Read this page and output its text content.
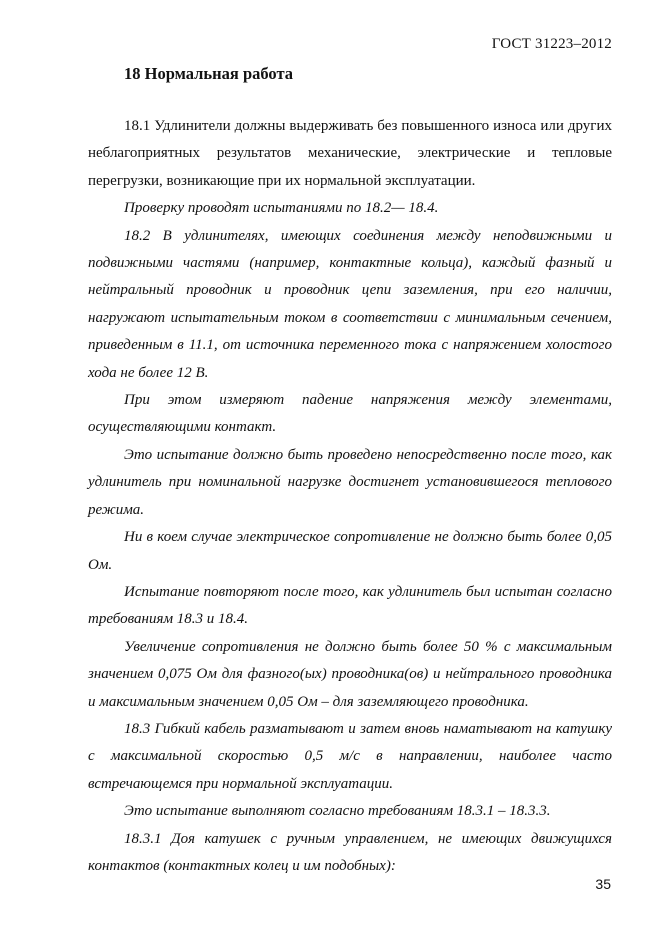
ГОСТ 31223–2012
18 Нормальная работа

18.1 Удлинители должны выдерживать без повышенного износа или других неблагоприятных результатов механические, электрические и тепловые перегрузки, возникающие при их нормальной эксплуатации.

Проверку проводят испытаниями по 18.2— 18.4.

18.2 В удлинителях, имеющих соединения между неподвижными и подвижными частями (например, контактные кольца), каждый фазный и нейтральный проводник и проводник цепи заземления, при его наличии, нагружают испытательным током в соответствии с минимальным сечением, приведенным в 11.1, от источника переменного тока с напряжением холостого хода не более 12 В.

При этом измеряют падение напряжения между элементами, осуществляющими контакт.

Это испытание должно быть проведено непосредственно после того, как удлинитель при номинальной нагрузке достигнет установившегося теплового режима.

Ни в коем случае электрическое сопротивление не должно быть более 0,05 Ом.

Испытание повторяют после того, как удлинитель был испытан согласно требованиям 18.3 и 18.4.

Увеличение сопротивления не должно быть более 50 % с максимальным значением 0,075 Ом для фазного(ых) проводника(ов) и нейтрального проводника и максимальным значением 0,05 Ом – для заземляющего проводника.

18.3 Гибкий кабель разматывают и затем вновь наматывают на катушку с максимальной скоростью 0,5 м/с в направлении, наиболее часто встречающемся при нормальной эксплуатации.

Это испытание выполняют согласно требованиям 18.3.1 – 18.3.3.

18.3.1 Доя катушек с ручным управлением, не имеющих движущихся контактов (контактных колец и им подобных):

35
